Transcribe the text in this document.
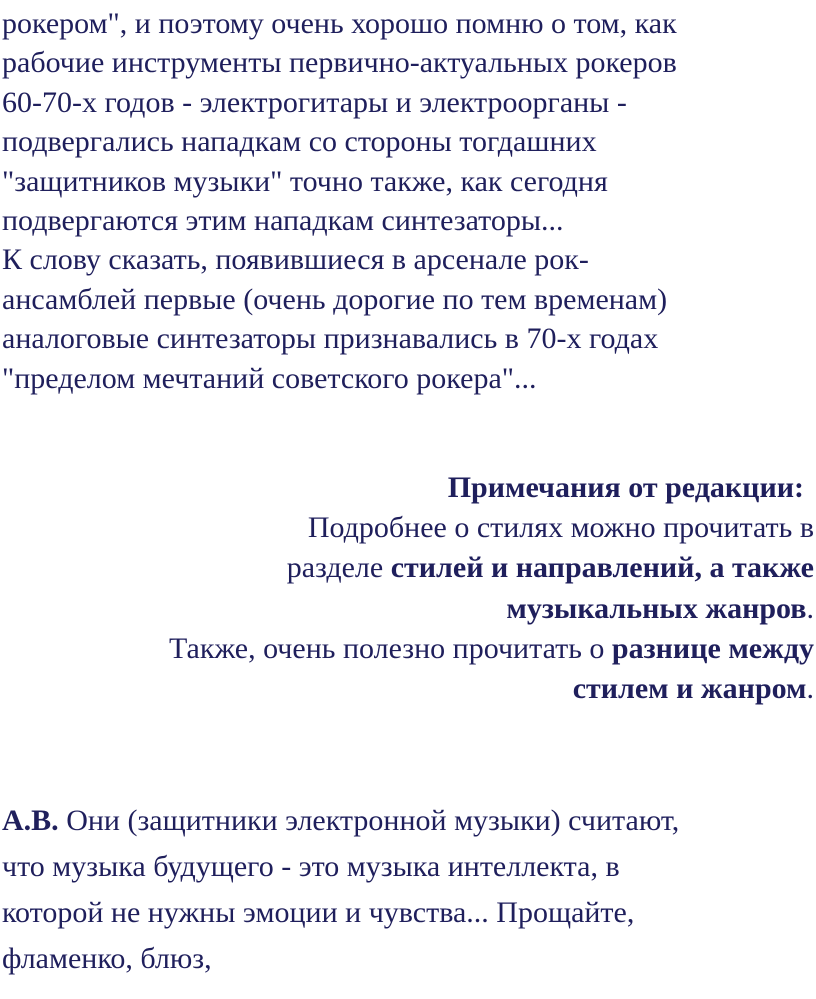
рокером", и поэтому очень хорошо помню о том, как
рабочие инструменты первично-актуальных рокеров
60-70-х годов - электрогитары и электроорганы -
подвергались нападкам со стороны тогдашних
"защитников музыки" точно также, как сегодня
подвергаются этим нападкам синтезаторы...
К слову сказать, появившиеся в арсенале рок-
ансамблей первые (очень дорогие по тем временам)
аналоговые синтезаторы признавались в 70-х годах
"пределом мечтаний советского рокера"...
Примечания от редакции:
Подробнее о стилях можно прочитать в
разделе стилей и направлений, а также
музыкальных жанров.
Также, очень полезно прочитать о разнице между
стилем и жанром.
А.В. Они (защитники электронной музыки) считают,
что музыка будущего - это музыка интеллекта, в
которой не нужны эмоции и чувства... Прощайте,
фламенко, блюз,
